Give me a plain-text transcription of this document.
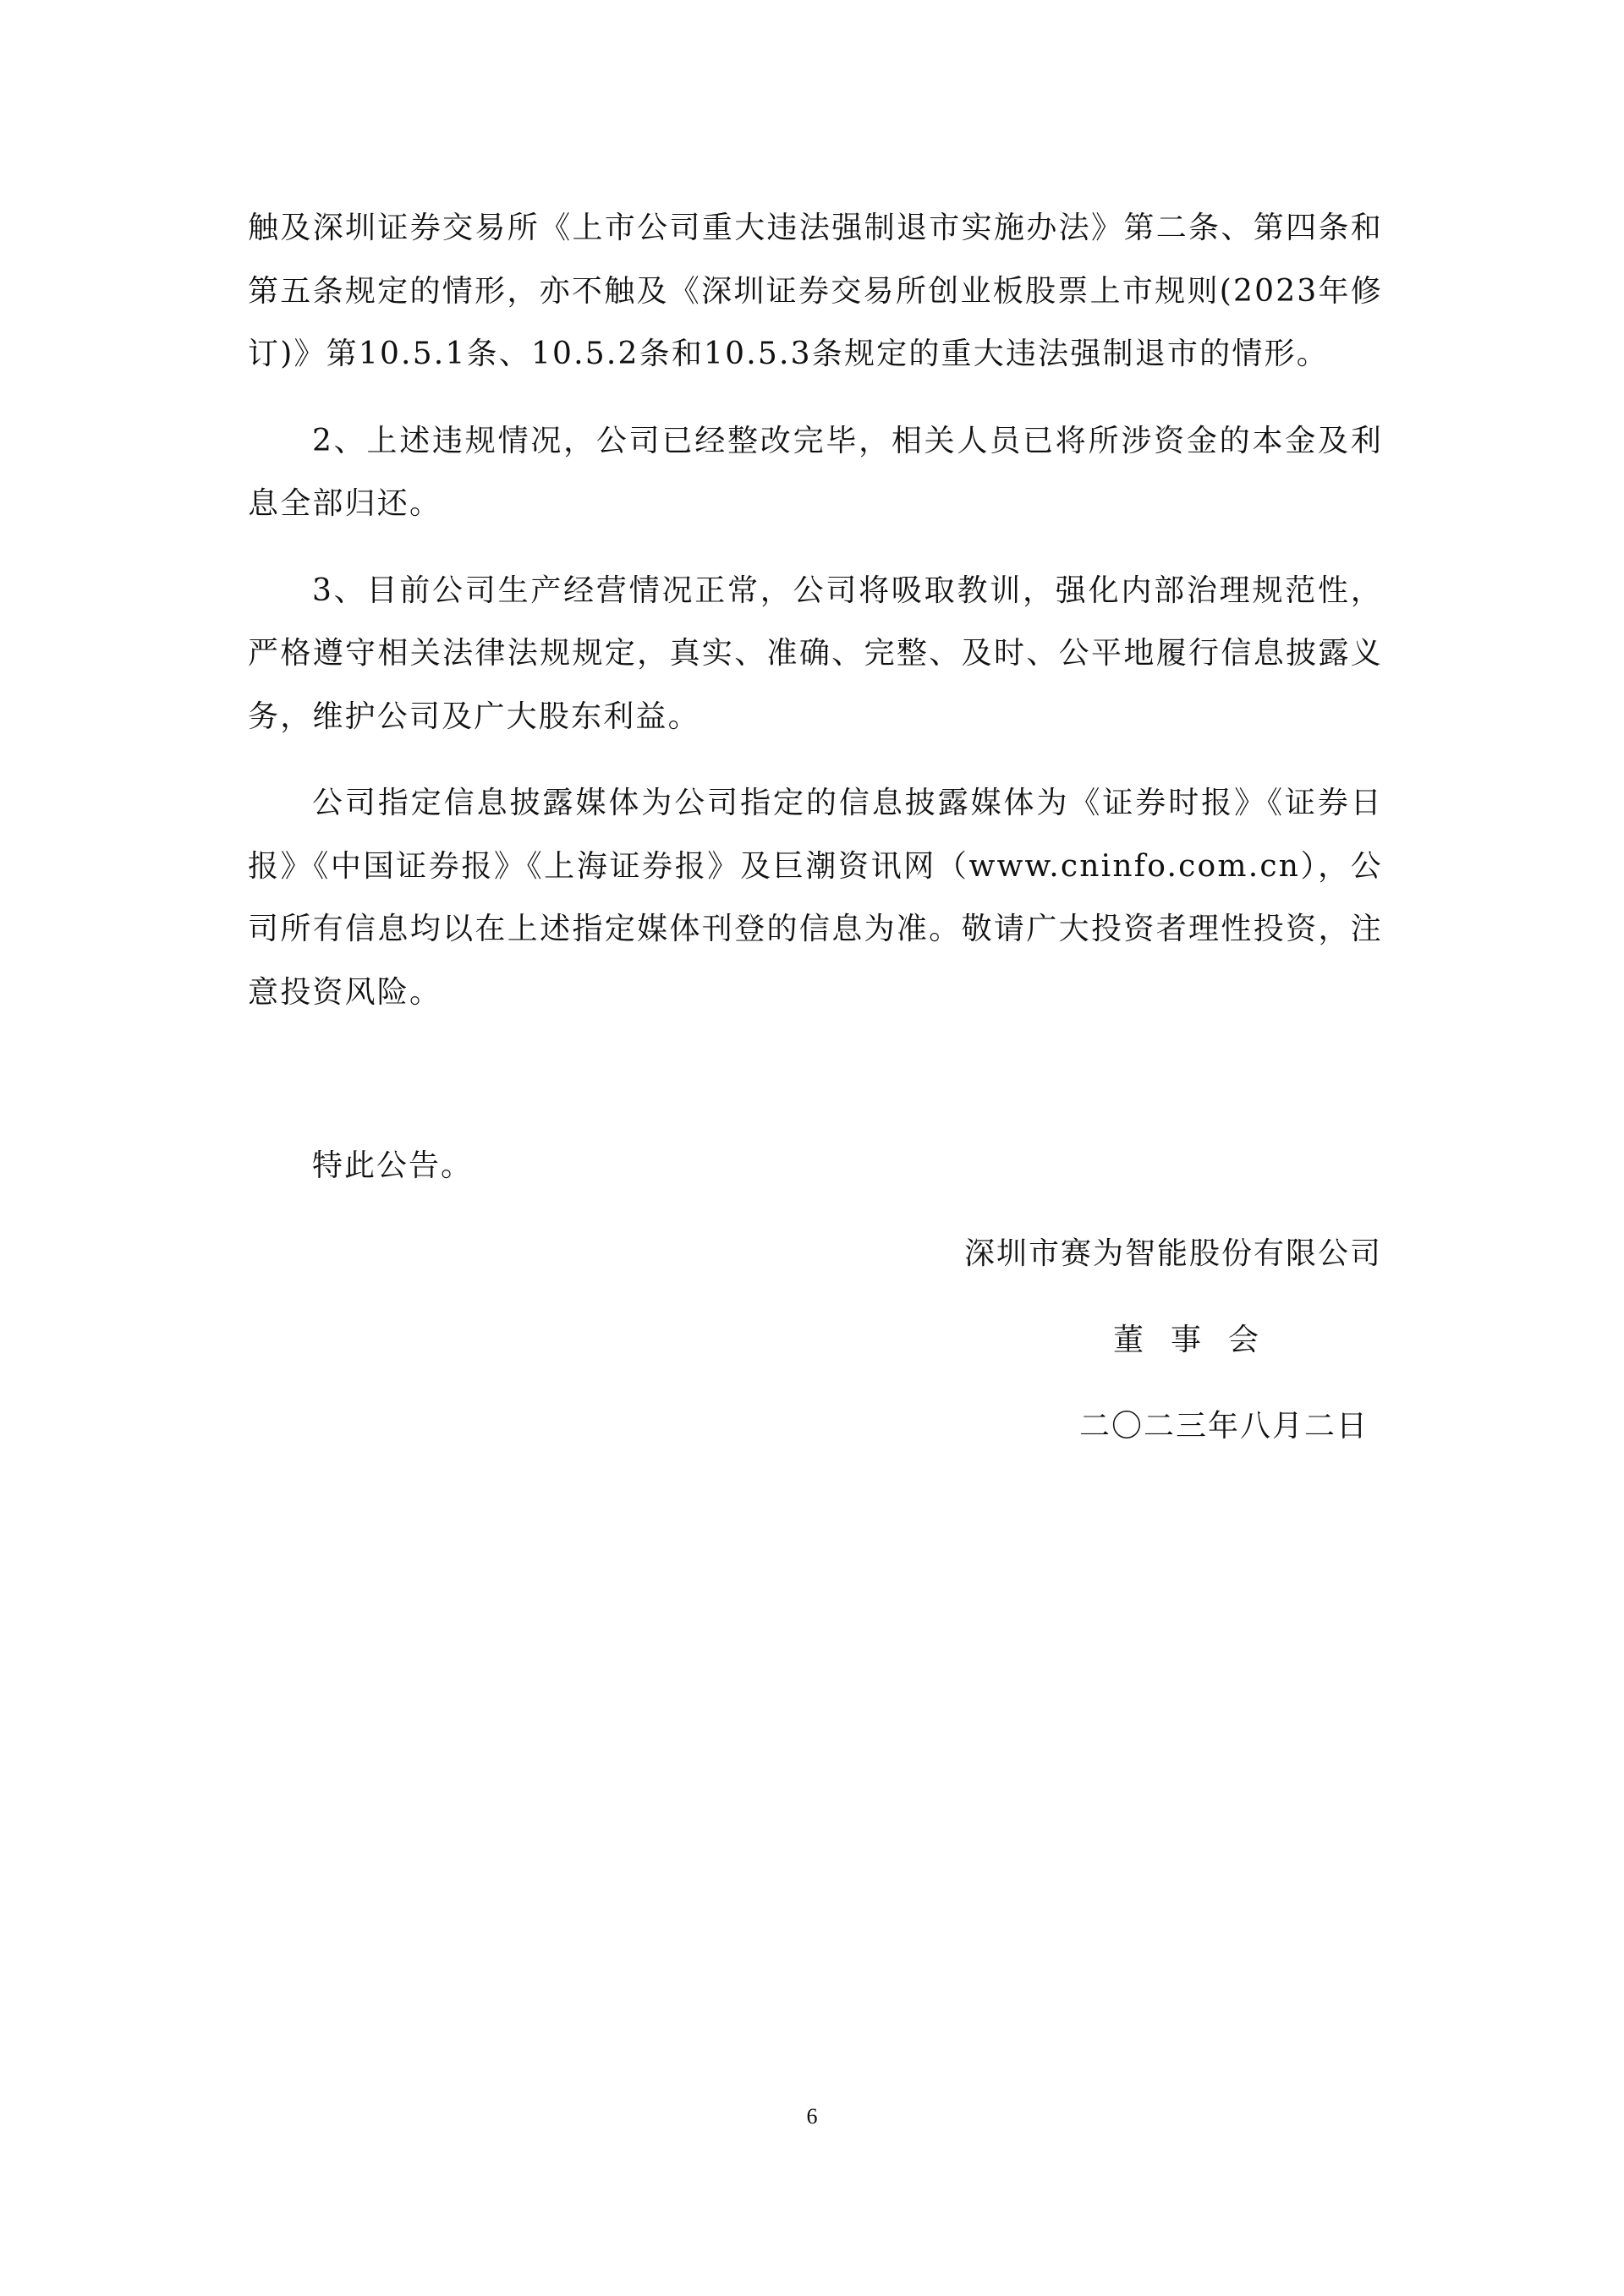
触及深圳证券交易所《上市公司重大违法强制退市实施办法》第二条、第四条和第五条规定的情形，亦不触及《深圳证券交易所创业板股票上市规则(2023年修订)》第10.5.1条、10.5.2条和10.5.3条规定的重大违法强制退市的情形。

2、上述违规情况，公司已经整改完毕，相关人员已将所涉资金的本金及利息全部归还。

3、目前公司生产经营情况正常，公司将吸取教训，强化内部治理规范性，严格遵守相关法律法规规定，真实、准确、完整、及时、公平地履行信息披露义务，维护公司及广大股东利益。

公司指定信息披露媒体为公司指定的信息披露媒体为《证券时报》《证券日报》《中国证券报》《上海证券报》及巨潮资讯网（www.cninfo.com.cn），公司所有信息均以在上述指定媒体刊登的信息为准。敬请广大投资者理性投资，注意投资风险。

特此公告。
深圳市赛为智能股份有限公司
董事会
二〇二三年八月二日
6
